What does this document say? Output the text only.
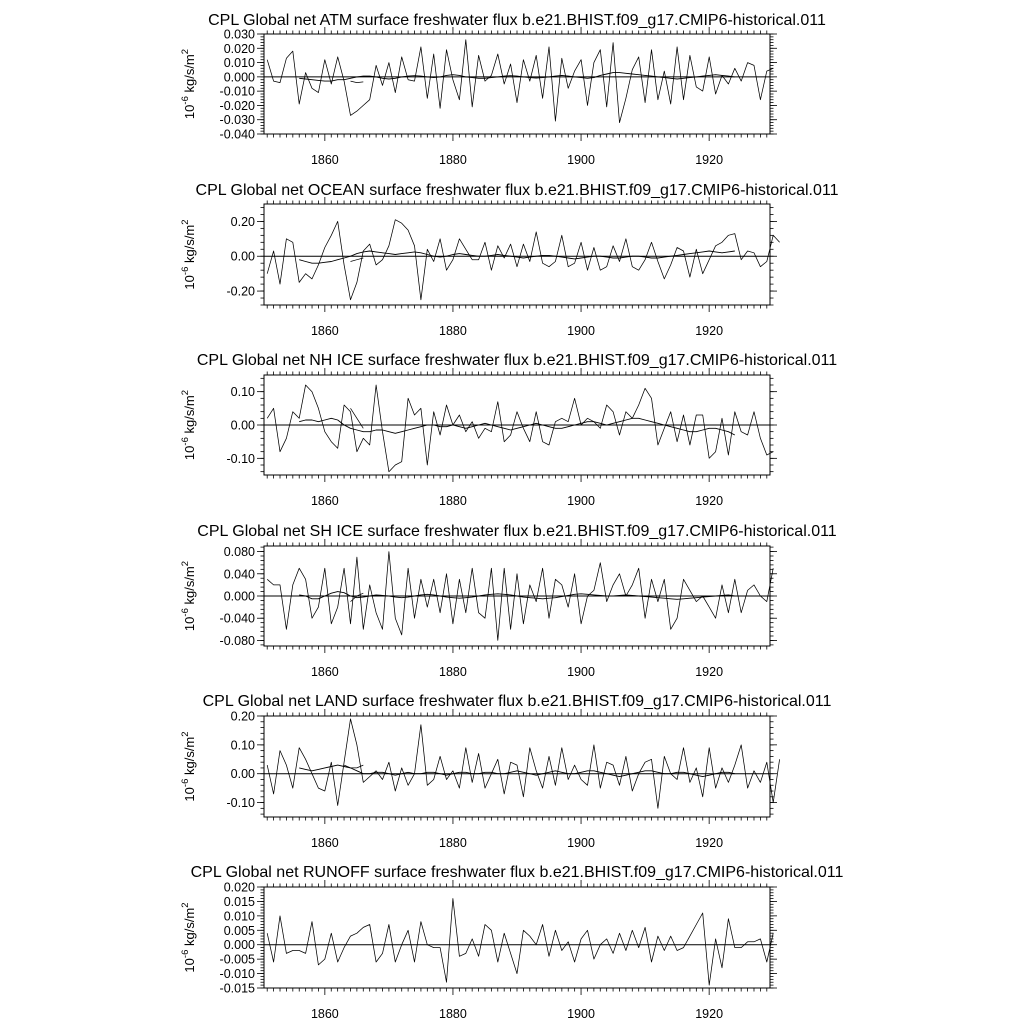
CPL Global net ATM surface freshwater flux b.e21.BHIST.f09_g17.CMIP6-historical.011
1860	1880	1900	1920
-0.040
-0.030
-0.020
-0.010
0.000
0.010
0.020
0.030
$10^{-6}$ $kg/s/m^2$
CPL Global net OCEAN surface freshwater flux b.e21.BHIST.f09_g17.CMIP6-historical.011
1860	1880	1900	1920
-0.20
0.00
0.20
$10^{-6}$ $kg/s/m^2$
CPL Global net NH ICE surface freshwater flux b.e21.BHIST.f09_g17.CMIP6-historical.011
1860	1880	1900	1920
-0.10
0.00
0.10
$10^{-6}$ $kg/s/m^2$
CPL Global net SH ICE surface freshwater flux b.e21.BHIST.f09_g17.CMIP6-historical.011
1860	1880	1900	1920
-0.080
-0.040
0.000
0.040
0.080
$10^{-6}$ $kg/s/m^2$
CPL Global net LAND surface freshwater flux b.e21.BHIST.f09_g17.CMIP6-historical.011
1860	1880	1900	1920
-0.10
0.00
0.10
0.20
$10^{-6}$ $kg/s/m^2$
CPL Global net RUNOFF surface freshwater flux b.e21.BHIST.f09_g17.CMIP6-historical.011
1860	1880	1900	1920
-0.015
-0.010
-0.005
0.000
0.005
0.010
0.015
0.020
$10^{-6}$ $kg/s/m^2$
